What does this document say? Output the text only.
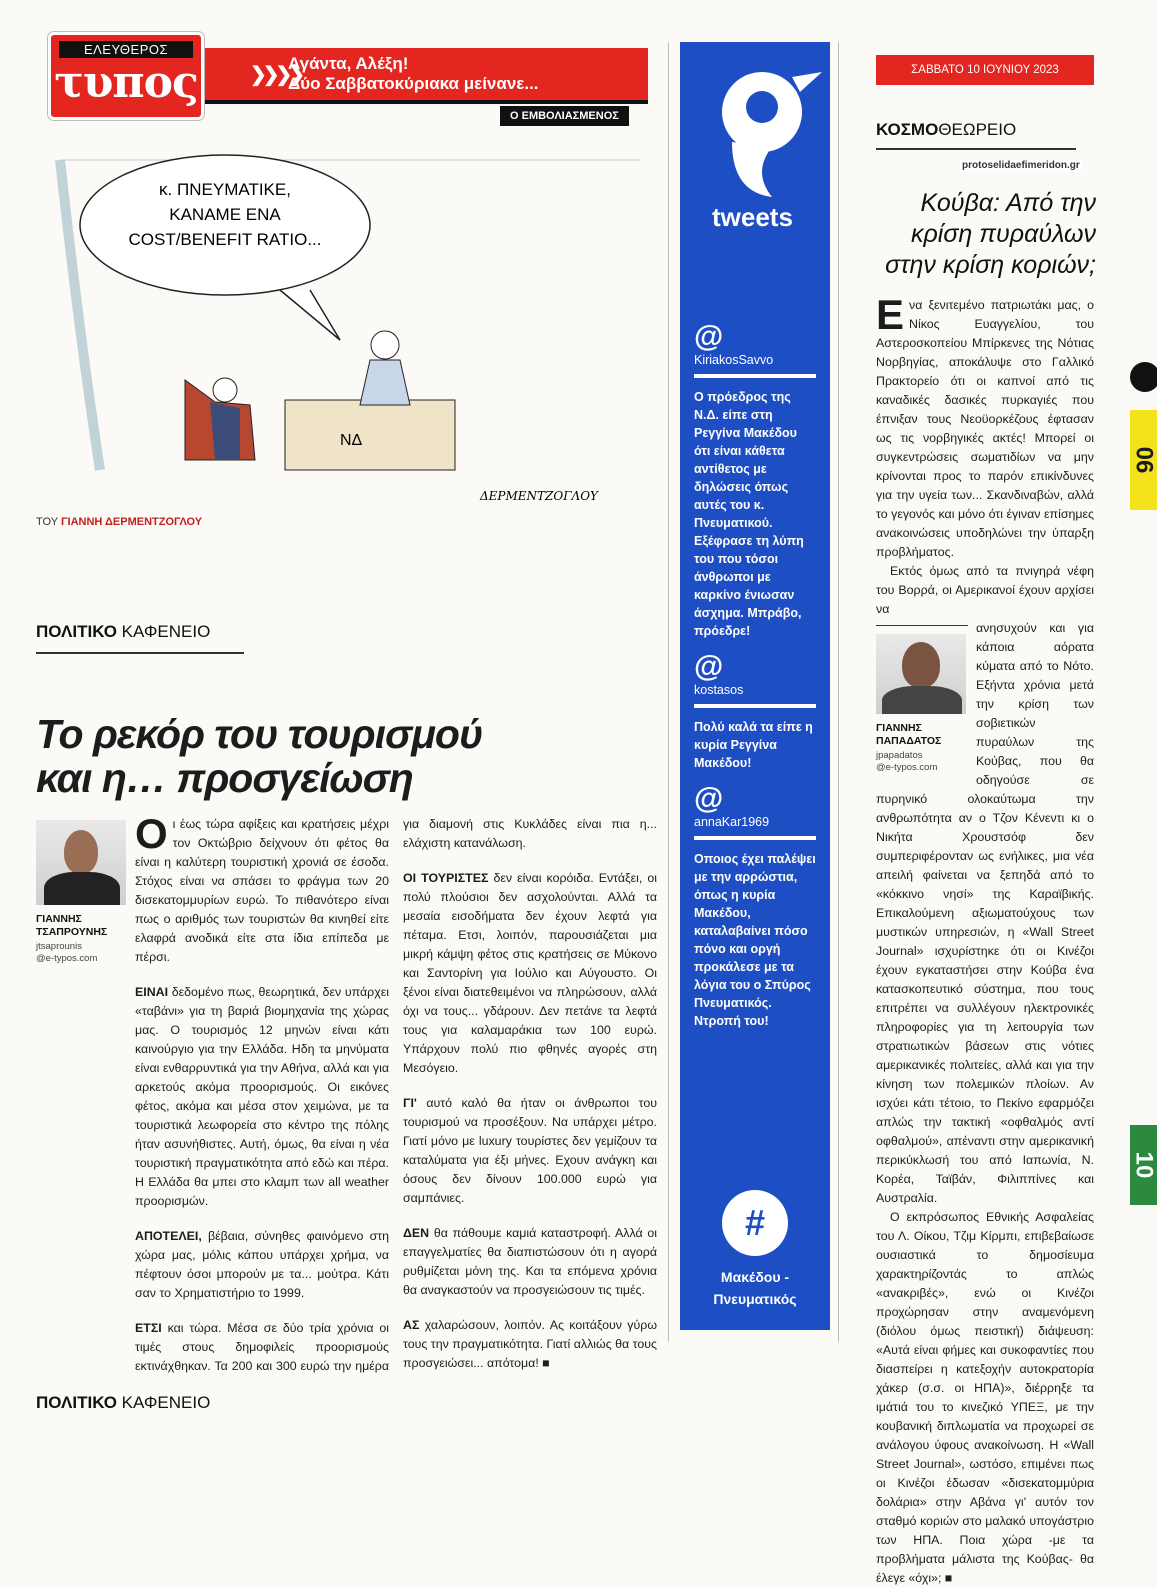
Αγάντα, Αλέξη!
Δύο Σαββατοκύριακα μείνανε...
❯❯❯❯
ΕΛΕΥΘΕΡΟΣ
τυπος
Ο ΕΜΒΟΛΙΑΣΜΕΝΟΣ
κ. ΠΝΕΥΜΑΤΙΚΕ,
ΚΑΝΑΜΕ ΕΝΑ
COST/BENEFIT RATIO...
ΝΔ
ΔΕΡΜΕΝΤΖΟΓΛΟΥ
ΤΟΥ ΓΙΑΝΝΗ ΔΕΡΜΕΝΤΖΟΓΛΟΥ
ΠΟΛΙΤΙΚΟ ΚΑΦΕΝΕΙΟ
Το ρεκόρ του τουρισμού
και η… προσγείωση
ΓΙΑΝΝΗΣ
ΤΣΑΠΡΟΥΝΗΣ
jtsaprounis
@e-typos.com

Οι έως τώρα αφίξεις και κρατήσεις μέχρι τον Οκτώβριο δείχνουν ότι φέτος θα είναι η καλύτερη τουριστική χρονιά σε έσοδα. Στόχος είναι να σπάσει το φράγμα των 20 δισεκατομμυρίων ευρώ. Το πιθανότερο είναι πως ο αριθμός των τουριστών θα κινηθεί είτε ελαφρά ανοδικά είτε στα ίδια επίπεδα με πέρσι.

ΕΙΝΑΙ δεδομένο πως, θεωρητικά, δεν υπάρχει «ταβάνι» για τη βαριά βιομηχανία της χώρας μας. Ο τουρισμός 12 μηνών είναι κάτι καινούργιο για την Ελλάδα. Ηδη τα μηνύματα είναι ενθαρρυντικά για την Αθήνα, αλλά και για αρκετούς ακόμα προορισμούς. Οι εικόνες φέτος, ακόμα και μέσα στον χειμώνα, με τα τουριστικά λεωφορεία στο κέντρο της πόλης ήταν ασυνήθιστες. Αυτή, όμως, θα είναι η νέα τουριστική πραγματικότητα από εδώ και πέρα. Η Ελλάδα θα μπει στο κλαμπ των all weather προορισμών.

ΑΠΟΤΕΛΕΙ, βέβαια, σύνηθες φαινόμενο στη χώρα μας, μόλις κάπου υπάρχει χρήμα, να πέφτουν όσοι μπορούν με τα... μούτρα. Κάτι σαν το Χρηματιστήριο το 1999.

ΕΤΣΙ και τώρα. Μέσα σε δύο τρία χρόνια οι τιμές στους δημοφιλείς προορισμούς εκτινάχθηκαν. Τα 200 και 300 ευρώ την ημέρα για διαμονή στις Κυκλάδες είναι πια η... ελάχιστη κατανάλωση.

ΟΙ ΤΟΥΡΙΣΤΕΣ δεν είναι κορόιδα. Εντάξει, οι πολύ πλούσιοι δεν ασχολούνται. Αλλά τα μεσαία εισοδήματα δεν έχουν λεφτά για πέταμα. Ετσι, λοιπόν, παρουσιάζεται μια μικρή κάμψη φέτος στις κρατήσεις σε Μύκονο και Σαντορίνη για Ιούλιο και Αύγουστο. Οι ξένοι είναι διατεθειμένοι να πληρώσουν, αλλά όχι να τους... γδάρουν. Δεν πετάνε τα λεφτά τους για καλαμαράκια των 100 ευρώ. Υπάρχουν πολύ πιο φθηνές αγορές στη Μεσόγειο.

ΓΙ' αυτό καλό θα ήταν οι άνθρωποι του τουρισμού να προσέξουν. Να υπάρχει μέτρο. Γιατί μόνο με luxury τουρίστες δεν γεμίζουν τα καταλύματα για έξι μήνες. Εχουν ανάγκη και όσους δεν δίνουν 100.000 ευρώ για σαμπάνιες.

ΔΕΝ θα πάθουμε καμιά καταστροφή. Αλλά οι επαγγελματίες θα διαπιστώσουν ότι η αγορά ρυθμίζεται μόνη της. Και τα επόμενα χρόνια θα αναγκαστούν να προσγειώσουν τις τιμές.

ΑΣ χαλαρώσουν, λοιπόν. Ας κοιτάξουν γύρω τους την πραγματικότητα. Γιατί αλλιώς θα τους προσγειώσει... απότομα! ■

ΠΟΛΙΤΙΚΟ ΚΑΦΕΝΕΙΟ
tweets
@
KiriakosSavvo
Ο πρόεδρος της Ν.Δ. είπε στη Ρεγγίνα Μακέδου ότι είναι κάθετα αντίθετος με δηλώσεις όπως αυτές του κ. Πνευματικού. Εξέφρασε τη λύπη του που τόσοι άνθρωποι με καρκίνο ένιωσαν άσχημα. Μπράβο, πρόεδρε!
@
kostasos
Πολύ καλά τα είπε η κυρία Ρεγγίνα Μακέδου!
@
annaKar1969
Οποιος έχει παλέψει με την αρρώστια, όπως η κυρία Μακέδου, καταλαβαίνει πόσο πόνο και οργή προκάλεσε με τα λόγια του ο Σπύρος Πνευματικός. Ντροπή του!
#
Μακέδου -
Πνευματικός
ΣΑΒΒΑΤΟ 10 ΙΟΥΝΙΟΥ 2023
ΚΟΣΜΟΘΕΩΡΕΙΟ
protoselidaefimeridon.gr
Κούβα: Από την
κρίση πυραύλων
στην κρίση κοριών;

Ενα ξενιτεμένο πατριωτάκι μας, ο Νίκος Ευαγγελίου, του Αστεροσκοπείου Μπίρκενες της Νότιας Νορβηγίας, αποκάλυψε στο Γαλλικό Πρακτορείο ότι οι καπνοί από τις καναδικές δασικές πυρκαγιές που έπνιξαν τους Νεοϋορκέζους έφτασαν ως τις νορβηγικές ακτές! Μπορεί οι συγκεντρώσεις σωματιδίων να μην κρίνονται προς το παρόν επικίνδυνες για την υγεία των... Σκανδιναβών, αλλά το γεγονός και μόνο ότι έγιναν επίσημες ανακοινώσεις υποδηλώνει την ύπαρξη προβλήματος.

Εκτός όμως από τα πνιγηρά νέφη του Βορρά, οι Αμερικανοί έχουν αρχίσει να

ΓΙΑΝΝΗΣ
ΠΑΠΑΔΑΤΟΣ
jpapadatos
@e-typos.com

ανησυχούν και για κάποια αόρατα κύματα από το Νότο. Εξήντα χρόνια μετά την κρίση των σοβιετικών πυραύλων της Κούβας, που θα οδηγούσε σε πυρηνικό ολοκαύτωμα την ανθρωπότητα αν ο Τζον Κένεντι κι ο Νικήτα Χρουστσόφ δεν συμπεριφέρονταν ως ενήλικες, μια νέα απειλή φαίνεται να ξεπηδά από το «κόκκινο νησί» της Καραϊβικής. Επικαλούμενη αξιωματούχους των μυστικών υπηρεσιών, η «Wall Street Journal» ισχυρίστηκε ότι οι Κινέζοι έχουν εγκαταστήσει στην Κούβα ένα κατασκοπευτικό σύστημα, που τους επιτρέπει να συλλέγουν ηλεκτρονικές πληροφορίες για τη λειτουργία των στρατιωτικών βάσεων στις νότιες αμερικανικές πολιτείες, αλλά και για την κίνηση των πολεμικών πλοίων. Αν ισχύει κάτι τέτοιο, το Πεκίνο εφαρμόζει απλώς την τακτική «οφθαλμός αντί οφθαλμού», απέναντι στην αμερικανική περικύκλωσή του από Ιαπωνία, Ν. Κορέα, Ταϊβάν, Φιλιππίνες και Αυστραλία.

Ο εκπρόσωπος Εθνικής Ασφαλείας του Λ. Οίκου, Τζιμ Κίρμπι, επιβεβαίωσε ουσιαστικά το δημοσίευμα χαρακτηρίζοντάς το απλώς «ανακριβές», ενώ οι Κινέζοι προχώρησαν στην αναμενόμενη (διόλου όμως πειστική) διάψευση: «Αυτά είναι φήμες και συκοφαντίες που διασπείρει η κατεξοχήν αυτοκρατορία χάκερ (σ.σ. οι ΗΠΑ)», διέρρηξε τα ιμάτιά του το κινεζικό ΥΠΕΞ, με την κουβανική διπλωματία να προχωρεί σε ανάλογου ύφους ανακοίνωση. Η «Wall Street Journal», ωστόσο, επιμένει πως οι Κινέζοι έδωσαν «δισεκατομμύρια δολάρια» στην Αβάνα γι' αυτόν τον σταθμό κοριών στο μαλακό υπογάστριο των ΗΠΑ. Ποια χώρα -με τα προβλήματα μάλιστα της Κούβας- θα έλεγε «όχι»; ■

06
10
